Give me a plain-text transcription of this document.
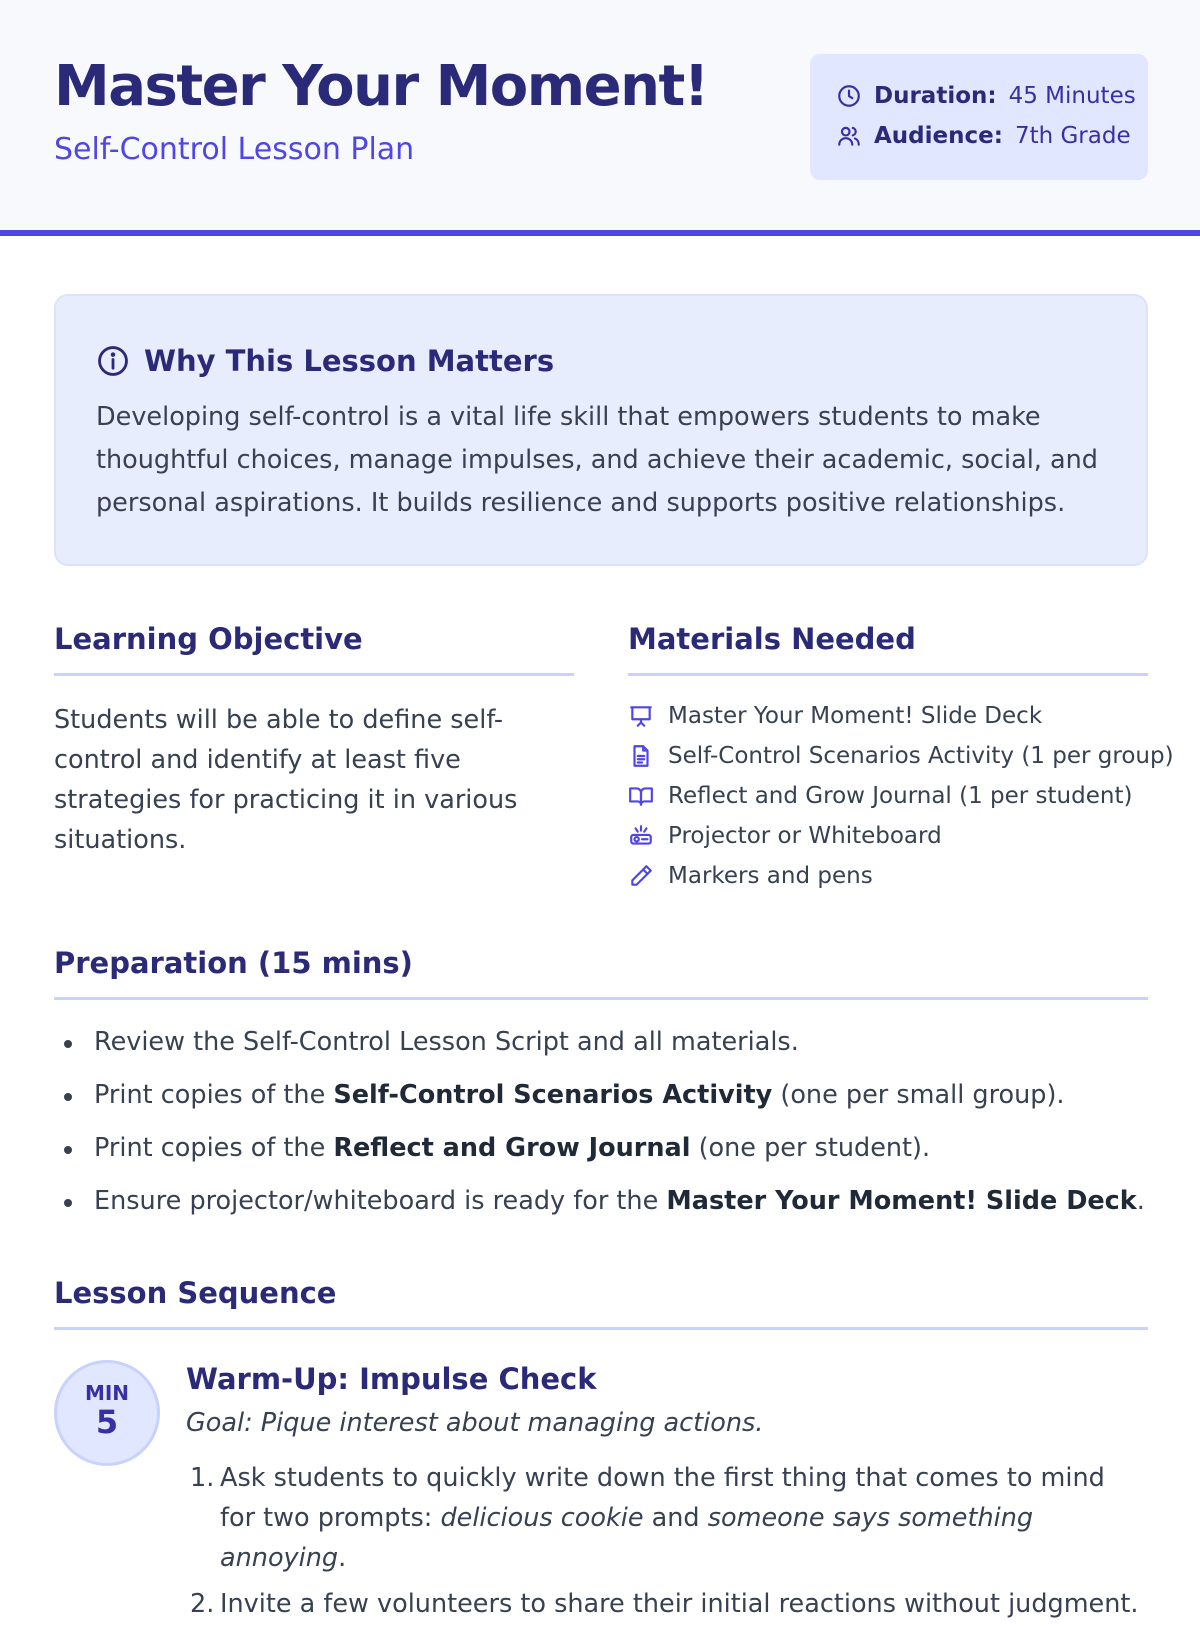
Master Your Moment!
Self-Control Lesson Plan
Duration: 45 Minutes
Audience: 7th Grade
Why This Lesson Matters

Developing self-control is a vital life skill that empowers students to make thoughtful choices, manage impulses, and achieve their academic, social, and personal aspirations. It builds resilience and supports positive relationships.

Learning Objective

Students will be able to define self-control and identify at least five strategies for practicing it in various situations.

Materials Needed
Master Your Moment! Slide Deck
Self-Control Scenarios Activity (1 per group)
Reflect and Grow Journal (1 per student)
Projector or Whiteboard
Markers and pens
Preparation (15 mins)
Review the Self-Control Lesson Script and all materials.
Print copies of the Self-Control Scenarios Activity (one per small group).
Print copies of the Reflect and Grow Journal (one per student).
Ensure projector/whiteboard is ready for the Master Your Moment! Slide Deck.
Lesson Sequence
MIN
5
Warm-Up: Impulse Check
Goal: Pique interest about managing actions.
1. Ask students to quickly write down the first thing that comes to mind for two prompts: delicious cookie and someone says something annoying.
2. Invite a few volunteers to share their initial reactions without judgment.
